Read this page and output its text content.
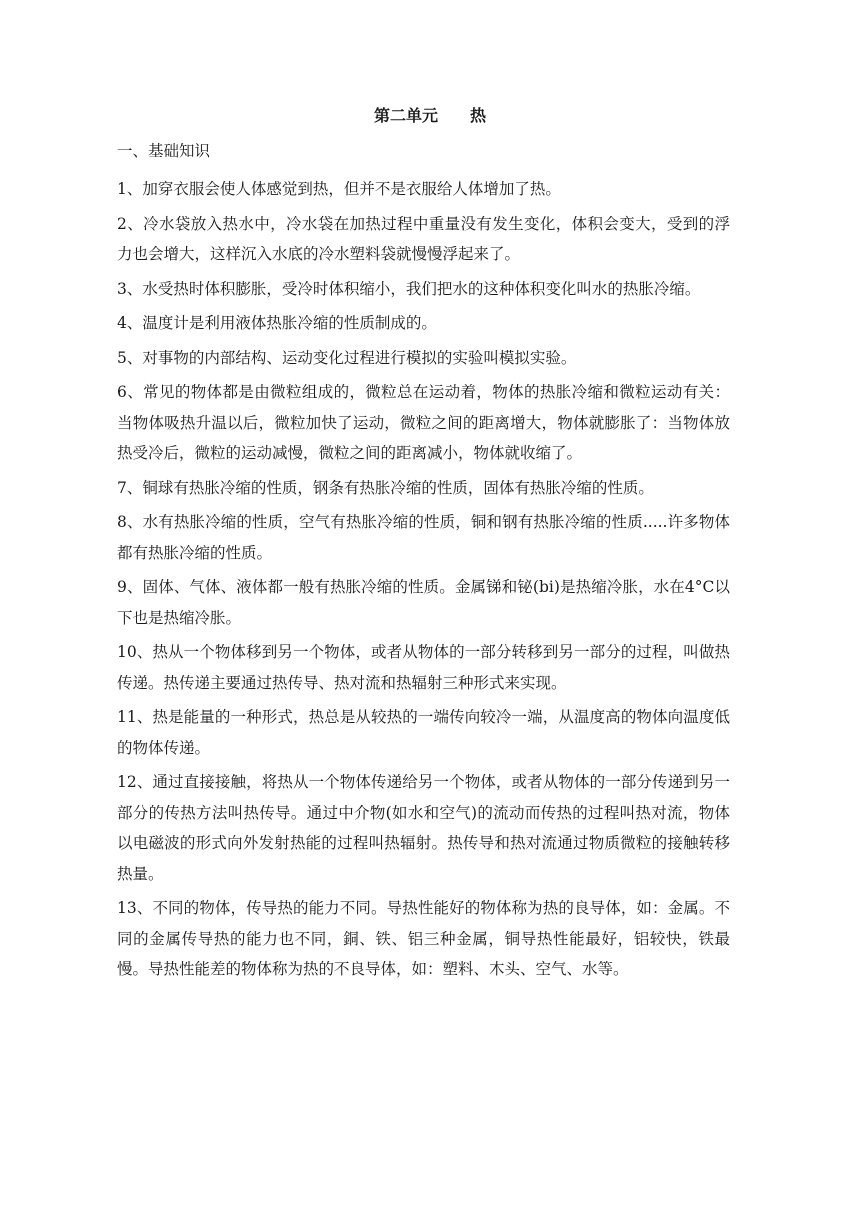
第二单元　　热
一、基础知识
1、加穿衣服会使人体感觉到热，但并不是衣服给人体增加了热。
2、冷水袋放入热水中，冷水袋在加热过程中重量没有发生变化，体积会变大，受到的浮力也会增大，这样沉入水底的冷水塑料袋就慢慢浮起来了。
3、水受热时体积膨胀，受冷时体积缩小，我们把水的这种体积变化叫水的热胀冷缩。
4、温度计是利用液体热胀冷缩的性质制成的。
5、对事物的内部结构、运动变化过程进行模拟的实验叫模拟实验。
6、常见的物体都是由微粒组成的，微粒总在运动着，物体的热胀冷缩和微粒运动有关：当物体吸热升温以后，微粒加快了运动，微粒之间的距离增大，物体就膨胀了：当物体放热受冷后，微粒的运动减慢，微粒之间的距离减小，物体就收缩了。
7、铜球有热胀冷缩的性质，钢条有热胀冷缩的性质，固体有热胀冷缩的性质。
8、水有热胀冷缩的性质，空气有热胀冷缩的性质，铜和钢有热胀冷缩的性质.....许多物体都有热胀冷缩的性质。
9、固体、气体、液体都一般有热胀冷缩的性质。金属锑和铋(bi)是热缩冷胀，水在4°C以下也是热缩冷胀。
10、热从一个物体移到另一个物体，或者从物体的一部分转移到另一部分的过程，叫做热传递。热传递主要通过热传导、热对流和热辐射三种形式来实现。
11、热是能量的一种形式，热总是从较热的一端传向较冷一端，从温度高的物体向温度低的物体传递。
12、通过直接接触，将热从一个物体传递给另一个物体，或者从物体的一部分传递到另一部分的传热方法叫热传导。通过中介物(如水和空气)的流动而传热的过程叫热对流，物体以电磁波的形式向外发射热能的过程叫热辐射。热传导和热对流通过物质微粒的接触转移热量。
13、不同的物体，传导热的能力不同。导热性能好的物体称为热的良导体，如：金属。不同的金属传导热的能力也不同，銅、铁、铝三种金属，铜导热性能最好，铝较快，铁最慢。导热性能差的物体称为热的不良导体，如：塑料、木头、空气、水等。
